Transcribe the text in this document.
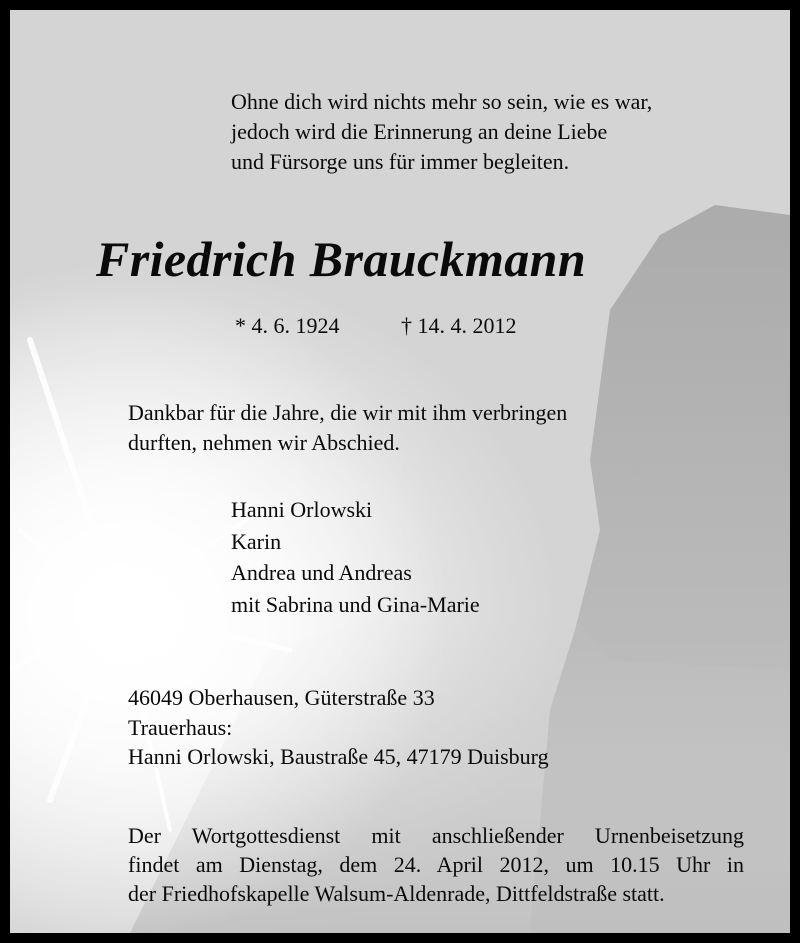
Ohne dich wird nichts mehr so sein, wie es war,
jedoch wird die Erinnerung an deine Liebe
und Fürsorge uns für immer begleiten.
Friedrich Brauckmann
* 4. 6. 1924	† 14. 4. 2012
Dankbar für die Jahre, die wir mit ihm verbringen
durften, nehmen wir Abschied.
Hanni Orlowski
Karin
Andrea und Andreas
mit Sabrina und Gina-Marie
46049 Oberhausen, Güterstraße 33
Trauerhaus:
Hanni Orlowski, Baustraße 45, 47179 Duisburg
Der Wortgottesdienst mit anschließender Urnenbeisetzung
findet am Dienstag, dem 24. April 2012, um 10.15 Uhr in
der Friedhofskapelle Walsum-Aldenrade, Dittfeldstraße statt.
